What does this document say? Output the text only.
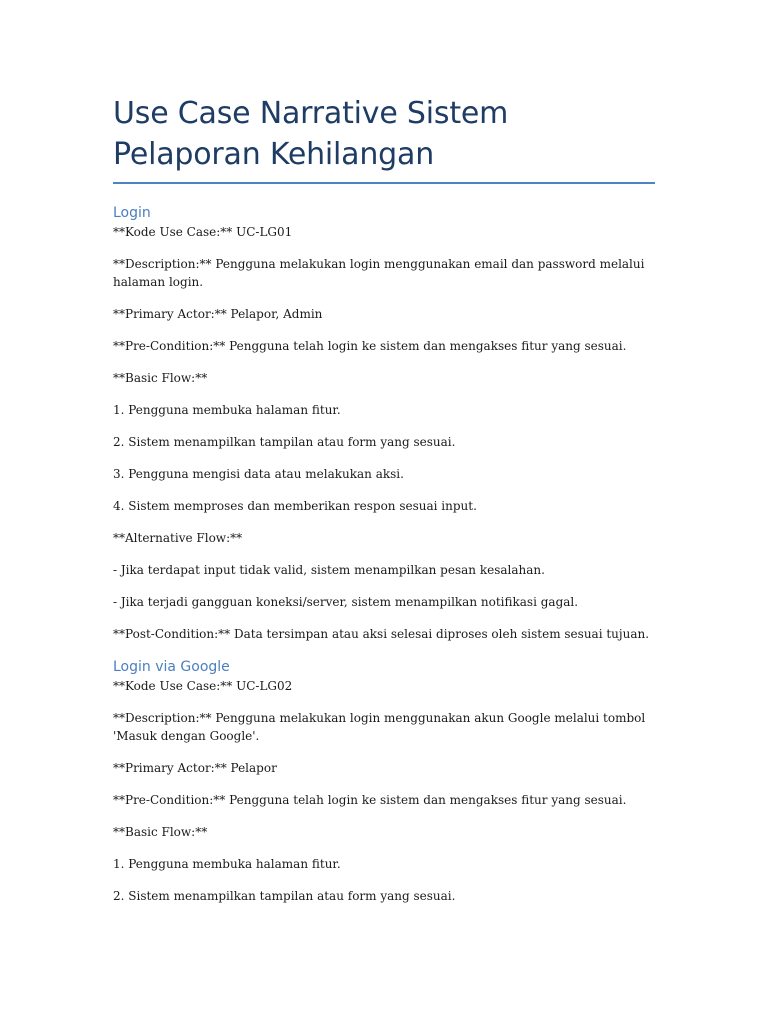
Use Case Narrative Sistem Pelaporan Kehilangan
Login

**Kode Use Case:** UC-LG01

**Description:** Pengguna melakukan login menggunakan email dan password melalui halaman login.

**Primary Actor:** Pelapor, Admin

**Pre-Condition:** Pengguna telah login ke sistem dan mengakses fitur yang sesuai.

**Basic Flow:**

1. Pengguna membuka halaman fitur.

2. Sistem menampilkan tampilan atau form yang sesuai.

3. Pengguna mengisi data atau melakukan aksi.

4. Sistem memproses dan memberikan respon sesuai input.

**Alternative Flow:**

- Jika terdapat input tidak valid, sistem menampilkan pesan kesalahan.

- Jika terjadi gangguan koneksi/server, sistem menampilkan notifikasi gagal.

**Post-Condition:** Data tersimpan atau aksi selesai diproses oleh sistem sesuai tujuan.

Login via Google

**Kode Use Case:** UC-LG02

**Description:** Pengguna melakukan login menggunakan akun Google melalui tombol 'Masuk dengan Google'.

**Primary Actor:** Pelapor

**Pre-Condition:** Pengguna telah login ke sistem dan mengakses fitur yang sesuai.

**Basic Flow:**

1. Pengguna membuka halaman fitur.

2. Sistem menampilkan tampilan atau form yang sesuai.
